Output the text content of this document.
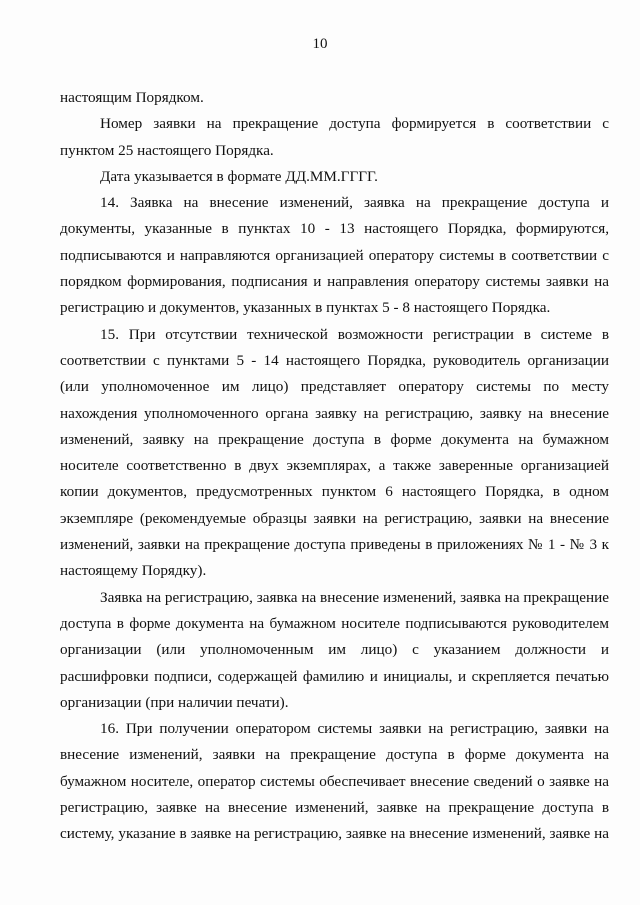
10

настоящим Порядком.

Номер заявки на прекращение доступа формируется в соответствии с пунктом 25 настоящего Порядка.

Дата указывается в формате ДД.ММ.ГГГГ.

14. Заявка на внесение изменений, заявка на прекращение доступа и документы, указанные в пунктах 10 - 13 настоящего Порядка, формируются, подписываются и направляются организацией оператору системы в соответствии с порядком формирования, подписания и направления оператору системы заявки на регистрацию и документов, указанных в пунктах 5 - 8 настоящего Порядка.

15. При отсутствии технической возможности регистрации в системе в соответствии с пунктами 5 - 14 настоящего Порядка, руководитель организации (или уполномоченное им лицо) представляет оператору системы по месту нахождения уполномоченного органа заявку на регистрацию, заявку на внесение изменений, заявку на прекращение доступа в форме документа на бумажном носителе соответственно в двух экземплярах, а также заверенные организацией копии документов, предусмотренных пунктом 6 настоящего Порядка, в одном экземпляре (рекомендуемые образцы заявки на регистрацию, заявки на внесение изменений, заявки на прекращение доступа приведены в приложениях № 1 - № 3 к настоящему Порядку).

Заявка на регистрацию, заявка на внесение изменений, заявка на прекращение доступа в форме документа на бумажном носителе подписываются руководителем организации (или уполномоченным им лицо) с указанием должности и расшифровки подписи, содержащей фамилию и инициалы, и скрепляется печатью организации (при наличии печати).

16. При получении оператором системы заявки на регистрацию, заявки на внесение изменений, заявки на прекращение доступа в форме документа на бумажном носителе, оператор системы обеспечивает внесение сведений о заявке на регистрацию, заявке на внесение изменений, заявке на прекращение доступа в систему, указание в заявке на регистрацию, заявке на внесение изменений, заявке на
